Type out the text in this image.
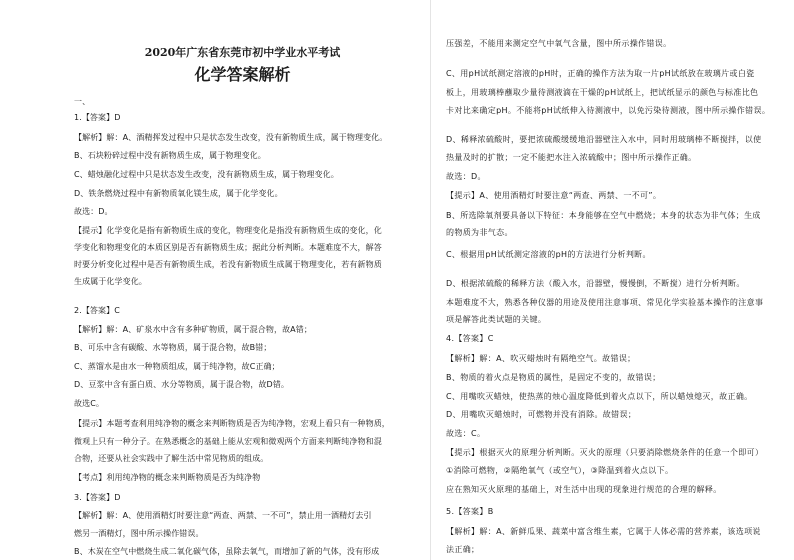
2020年广东省东莞市初中学业水平考试
化学答案解析
一、
1.【答案】D
【解析】解：A、酒精挥发过程中只是状态发生改变，没有新物质生成，属于物理变化。
B、石块粉碎过程中没有新物质生成，属于物理变化。
C、蜡烛融化过程中只是状态发生改变，没有新物质生成，属于物理变化。
D、铁条燃烧过程中有新物质氧化镁生成，属于化学变化。
故选：D。
【提示】化学变化是指有新物质生成的变化，物理变化是指没有新物质生成的变化，化
学变化和物理变化的本质区别是否有新物质生成；据此分析判断。本题难度不大，解答
时要分析变化过程中是否有新物质生成，若没有新物质生成属于物理变化，若有新物质
生成属于化学变化。
2.【答案】C
【解析】解：A、矿泉水中含有多种矿物质，属于混合物，故A错；
B、可乐中含有碳酸、水等物质，属于混合物，故B错；
C、蒸馏水是由水一种物质组成，属于纯净物，故C正确；
D、豆浆中含有蛋白质、水分等物质，属于混合物，故D错。
故选C。
【提示】本题考查利用纯净物的概念来判断物质是否为纯净物，宏观上看只有一种物质，
微观上只有一种分子。在熟悉概念的基础上能从宏观和微观两个方面来判断纯净物和混
合物，还要从社会实践中了解生活中常见物质的组成。
【考点】利用纯净物的概念来判断物质是否为纯净物
3.【答案】D
【解析】解：A、使用酒精灯时要注意“两查、两禁、一不可”，禁止用一酒精灯去引
燃另一酒精灯，图中所示操作错误。
B、木炭在空气中燃烧生成二氧化碳气体，虽除去氧气，而增加了新的气体，没有形成
压强差，不能用来测定空气中氧气含量，图中所示操作错误。
C、用pH试纸测定溶液的pH时，正确的操作方法为取一片pH试纸放在玻璃片或白瓷
板上，用玻璃棒蘸取少量待测液滴在干燥的pH试纸上，把试纸显示的颜色与标准比色
卡对比来确定pH。不能将pH试纸伸入待测液中，以免污染待测液，图中所示操作错误。
D、稀释浓硫酸时，要把浓硫酸缓缓地沿器壁注入水中，同时用玻璃棒不断搅拌，以使
热量及时的扩散；一定不能把水注入浓硫酸中；图中所示操作正确。
故选：D。
【提示】A、使用酒精灯时要注意“两查、两禁、一不可”。
B、所选除氧剂要具备以下特征：本身能够在空气中燃烧；本身的状态为非气体；生成
的物质为非气态。
C、根据用pH试纸测定溶液的pH的方法进行分析判断。
D、根据浓硫酸的稀释方法（酸入水，沿器壁，慢慢倒，不断搅）进行分析判断。
本题难度不大，熟悉各种仪器的用途及使用注意事项、常见化学实验基本操作的注意事
项是解答此类试题的关键。
4.【答案】C
【解析】解：A、吹灭蜡烛时有隔绝空气。故错误；
B、物质的着火点是物质的属性，是固定不变的，故错误；
C、用嘴吹灭蜡烛，使热蒸的烛心温度降低到着火点以下，所以蜡烛熄灭，故正确。
D、用嘴吹灭蜡烛时，可燃物并没有消除。故错误；
故选：C。
【提示】根据灭火的原理分析判断。灭火的原理（只要消除燃烧条件的任意一个即可）
①消除可燃物，②隔绝氧气（或空气），③降温到着火点以下。
应在熟知灭火原理的基础上，对生活中出现的现象进行规范的合理的解释。
5.【答案】B
【解析】解：A、新鲜瓜果、蔬菜中富含维生素，它属于人体必需的营养素，该选项说
法正确；
